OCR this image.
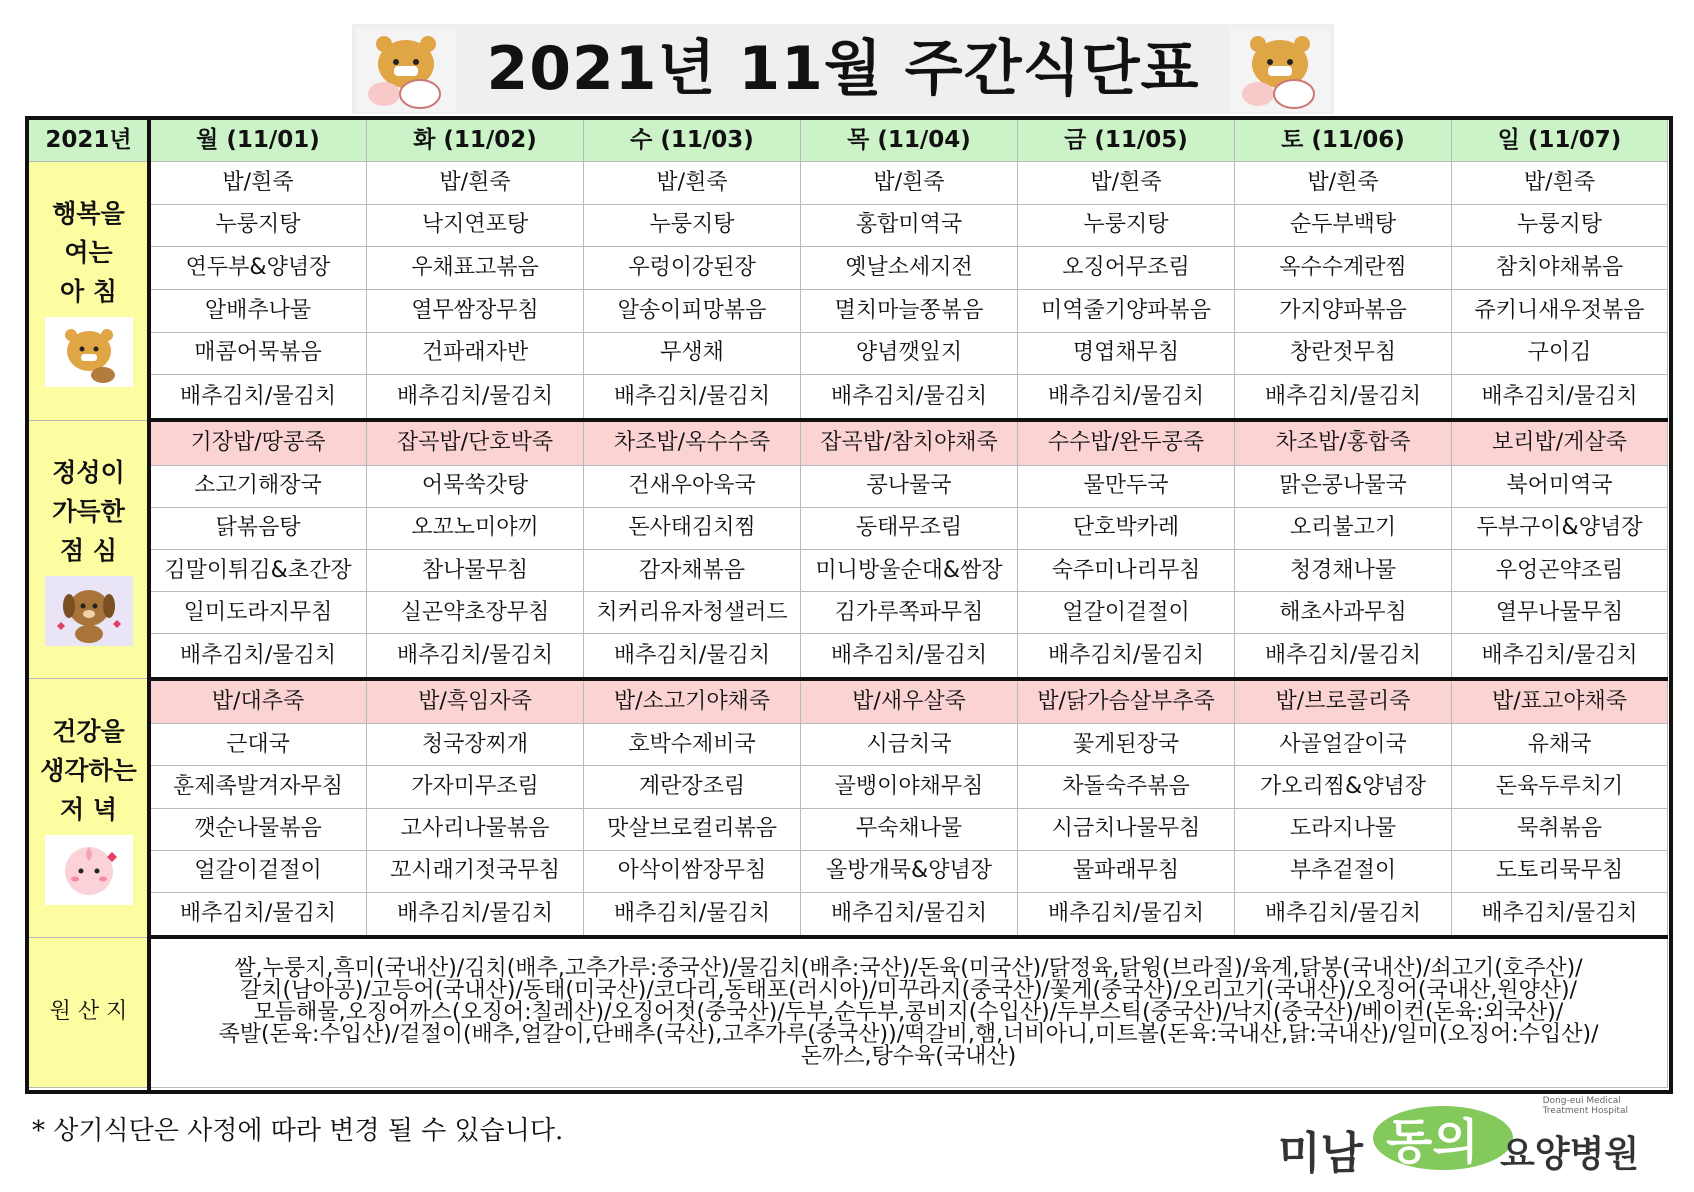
2021년 11월 주간식단표
2021년	월 (11/01)	화 (11/02)	수 (11/03)	목 (11/04)	금 (11/05)	토 (11/06)	일 (11/07)

행복을
여는
아 침	밥/흰죽	밥/흰죽	밥/흰죽	밥/흰죽	밥/흰죽	밥/흰죽	밥/흰죽
	누룽지탕	낙지연포탕	누룽지탕	홍합미역국	누룽지탕	순두부백탕	누룽지탕
	연두부&양념장	우채표고볶음	우렁이강된장	옛날소세지전	오징어무조림	옥수수계란찜	참치야채볶음
	알배추나물	열무쌈장무침	알송이피망볶음	멸치마늘쫑볶음	미역줄기양파볶음	가지양파볶음	쥬키니새우젓볶음
	매콤어묵볶음	건파래자반	무생채	양념깻잎지	명엽채무침	창란젓무침	구이김
	배추김치/물김치	배추김치/물김치	배추김치/물김치	배추김치/물김치	배추김치/물김치	배추김치/물김치	배추김치/물김치

정성이
가득한
점 심	기장밥/땅콩죽	잡곡밥/단호박죽	차조밥/옥수수죽	잡곡밥/참치야채죽	수수밥/완두콩죽	차조밥/홍합죽	보리밥/게살죽
	소고기해장국	어묵쑥갓탕	건새우아욱국	콩나물국	물만두국	맑은콩나물국	북어미역국
	닭볶음탕	오꼬노미야끼	돈사태김치찜	동태무조림	단호박카레	오리불고기	두부구이&양념장
	김말이튀김&초간장	참나물무침	감자채볶음	미니방울순대&쌈장	숙주미나리무침	청경채나물	우엉곤약조림
	일미도라지무침	실곤약초장무침	치커리유자청샐러드	김가루쪽파무침	얼갈이겉절이	해초사과무침	열무나물무침
	배추김치/물김치	배추김치/물김치	배추김치/물김치	배추김치/물김치	배추김치/물김치	배추김치/물김치	배추김치/물김치

건강을
생각하는
저 녁	밥/대추죽	밥/흑임자죽	밥/소고기야채죽	밥/새우살죽	밥/닭가슴살부추죽	밥/브로콜리죽	밥/표고야채죽
	근대국	청국장찌개	호박수제비국	시금치국	꽃게된장국	사골얼갈이국	유채국
	훈제족발겨자무침	가자미무조림	계란장조림	골뱅이야채무침	차돌숙주볶음	가오리찜&양념장	돈육두루치기
	깻순나물볶음	고사리나물볶음	맛살브로컬리볶음	무숙채나물	시금치나물무침	도라지나물	묵취볶음
	얼갈이겉절이	꼬시래기젓국무침	아삭이쌈장무침	올방개묵&양념장	물파래무침	부추겉절이	도토리묵무침
	배추김치/물김치	배추김치/물김치	배추김치/물김치	배추김치/물김치	배추김치/물김치	배추김치/물김치	배추김치/물김치
원 산 지	쌀,누룽지,흑미(국내산)/김치(배추,고추가루:중국산)/물김치(배추:국산)/돈육(미국산)/닭정육,닭윙(브라질)/육계,닭봉(국내산)/쇠고기(호주산)/
갈치(남아공)/고등어(국내산)/동태(미국산)/코다리,동태포(러시아)/미꾸라지(중국산)/꽃게(중국산)/오리고기(국내산)/오징어(국내산,원양산)/
모듬해물,오징어까스(오징어:칠레산)/오징어젓(중국산)/두부,순두부,콩비지(수입산)/두부스틱(중국산)/낙지(중국산)/베이컨(돈육:외국산)/
족발(돈육:수입산)/겉절이(배추,얼갈이,단배추(국산),고추가루(중국산))/떡갈비,햄,너비아니,미트볼(돈육:국내산,닭:국내산)/일미(오징어:수입산)/
돈까스,탕수육(국내산)						
* 상기식단은 사정에 따라 변경 될 수 있습니다.	미남 동의 요양병원
Dong-eui Medical
Treatment Hospital
